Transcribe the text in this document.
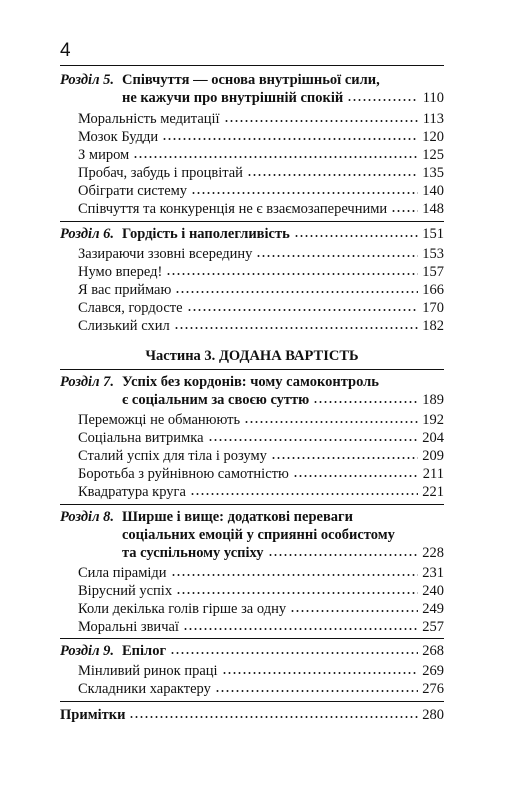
4
Розділ 5. Співчуття — основа внутрішньої сили,
не кажучи про внутрішній спокій	110
Моральність медитації	113
Мозок Будди	120
З миром	125
Пробач, забудь і процвітай	135
Обігрaти систему	140
Співчуття та конкуренція не є взаємозаперечними 148
Розділ 6. Гордість і наполегливість	151
Зазираючи ззовні всередину	153
Нумо вперед!	157
Я вас приймаю	166
Слався, гордосте	170
Слизький схил	182
Частина 3. ДОДАНА ВАРТІСТЬ
Розділ 7. Успіх без кордонів: чому самоконтроль
є соціальним за своєю суттю	189
Переможці не обманюють	192
Соціальна витримка	204
Сталий успіх для тіла і розуму	209
Боротьба з руйнівною самотністю	211
Квадратура круга	221
Розділ 8. Ширше і вище: додаткові переваги
соціальних емоцій у сприянні особистому
та суспільному успіху	228
Сила піраміди	231
Вірусний успіх	240
Коли декілька голів гірше за одну	249
Моральні звичаї	257
Розділ 9. Епілог	268
Мінливий ринок праці	269
Складники характеру	276
Примітки	280
